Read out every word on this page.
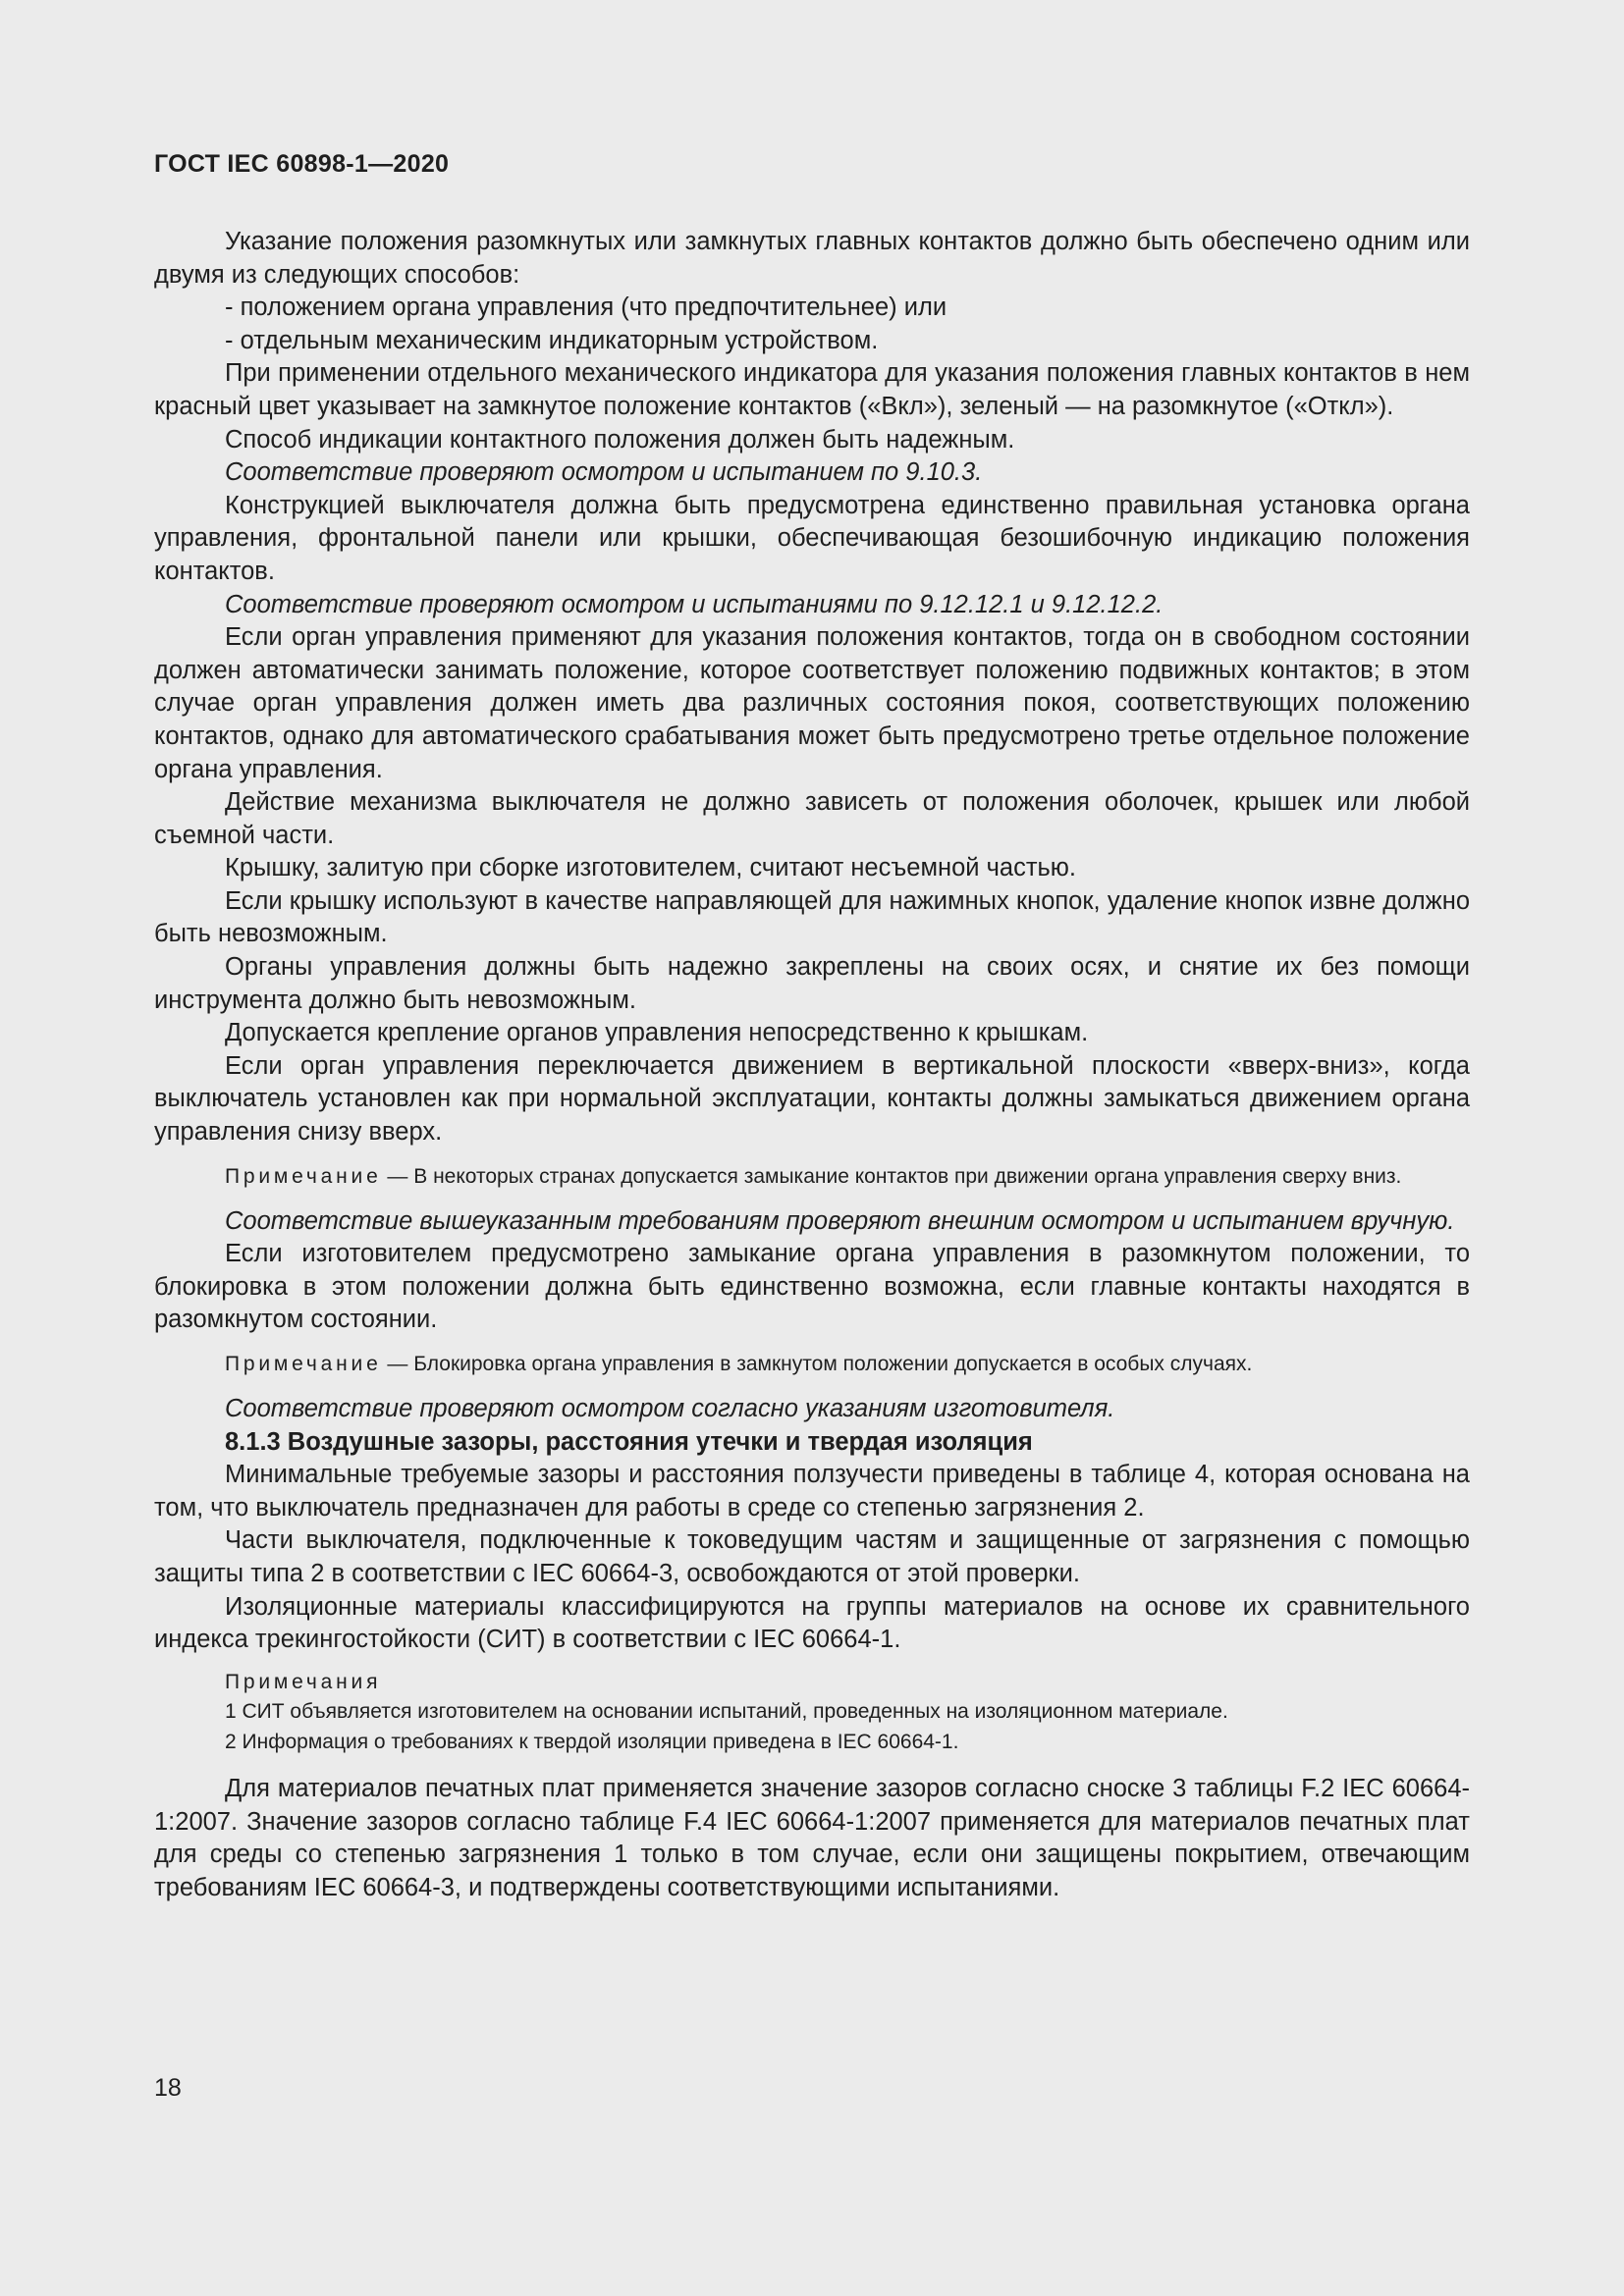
ГОСТ IEC 60898-1—2020

Указание положения разомкнутых или замкнутых главных контактов должно быть обеспечено одним или двумя из следующих способов:

- положением органа управления (что предпочтительнее) или

- отдельным механическим индикаторным устройством.

При применении отдельного механического индикатора для указания положения главных контактов в нем красный цвет указывает на замкнутое положение контактов («Вкл»), зеленый — на разомкнутое («Откл»).

Способ индикации контактного положения должен быть надежным.

Соответствие проверяют осмотром и испытанием по 9.10.3.

Конструкцией выключателя должна быть предусмотрена единственно правильная установка органа управления, фронтальной панели или крышки, обеспечивающая безошибочную индикацию положения контактов.

Соответствие проверяют осмотром и испытаниями по 9.12.12.1 и 9.12.12.2.

Если орган управления применяют для указания положения контактов, тогда он в свободном состоянии должен автоматически занимать положение, которое соответствует положению подвижных контактов; в этом случае орган управления должен иметь два различных состояния покоя, соответствующих положению контактов, однако для автоматического срабатывания может быть предусмотрено третье отдельное положение органа управления.

Действие механизма выключателя не должно зависеть от положения оболочек, крышек или любой съемной части.

Крышку, залитую при сборке изготовителем, считают несъемной частью.

Если крышку используют в качестве направляющей для нажимных кнопок, удаление кнопок извне должно быть невозможным.

Органы управления должны быть надежно закреплены на своих осях, и снятие их без помощи инструмента должно быть невозможным.

Допускается крепление органов управления непосредственно к крышкам.

Если орган управления переключается движением в вертикальной плоскости «вверх-вниз», когда выключатель установлен как при нормальной эксплуатации, контакты должны замыкаться движением органа управления снизу вверх.

Примечание — В некоторых странах допускается замыкание контактов при движении органа управления сверху вниз.

Соответствие вышеуказанным требованиям проверяют внешним осмотром и испытанием вручную.

Если изготовителем предусмотрено замыкание органа управления в разомкнутом положении, то блокировка в этом положении должна быть единственно возможна, если главные контакты находятся в разомкнутом состоянии.

Примечание — Блокировка органа управления в замкнутом положении допускается в особых случаях.

Соответствие проверяют осмотром согласно указаниям изготовителя.

8.1.3 Воздушные зазоры, расстояния утечки и твердая изоляция

Минимальные требуемые зазоры и расстояния ползучести приведены в таблице 4, которая основана на том, что выключатель предназначен для работы в среде со степенью загрязнения 2.

Части выключателя, подключенные к токоведущим частям и защищенные от загрязнения с помощью защиты типа 2 в соответствии с IEC 60664-3, освобождаются от этой проверки.

Изоляционные материалы классифицируются на группы материалов на основе их сравнительного индекса трекингостойкости (СИТ) в соответствии с IEC 60664-1.

Примечания

1 СИТ объявляется изготовителем на основании испытаний, проведенных на изоляционном материале.

2 Информация о требованиях к твердой изоляции приведена в IEC 60664-1.

Для материалов печатных плат применяется значение зазоров согласно сноске 3 таблицы F.2 IEC 60664-1:2007. Значение зазоров согласно таблице F.4 IEC 60664-1:2007 применяется для материалов печатных плат для среды со степенью загрязнения 1 только в том случае, если они защищены покрытием, отвечающим требованиям IEC 60664-3, и подтверждены соответствующими испытаниями.

18
